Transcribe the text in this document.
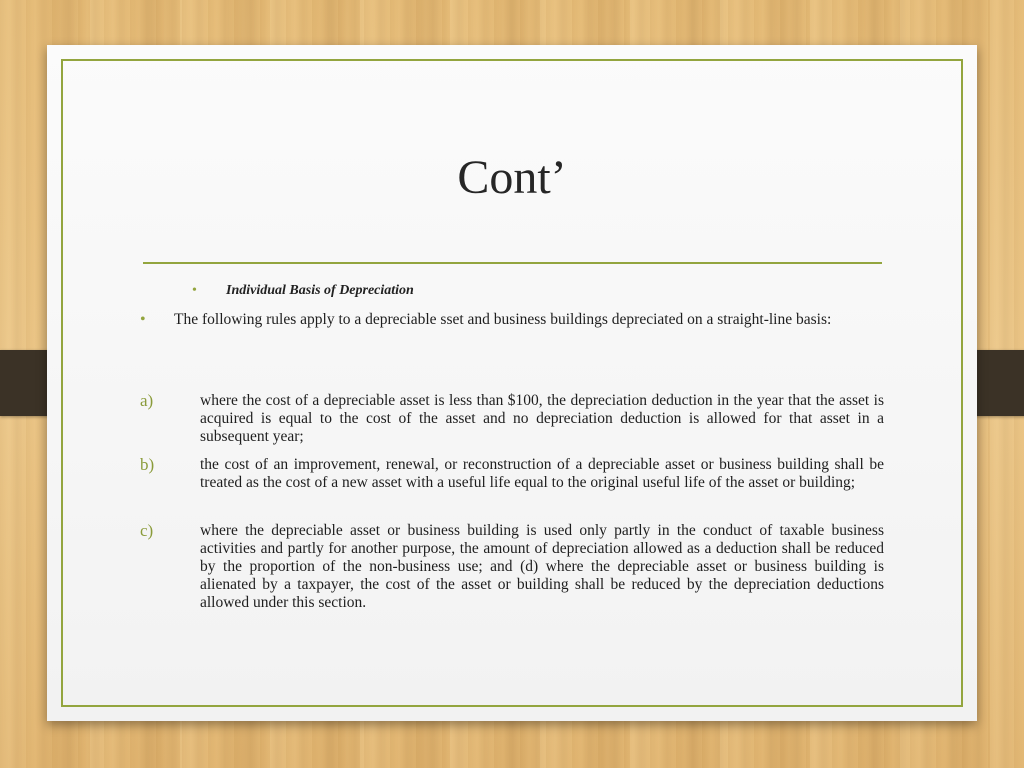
Cont’
•	Individual Basis of Depreciation
•	The following rules apply to a depreciable sset and business buildings depreciated on a straight-line basis:
a)	where the cost of a depreciable asset is less than $100, the depreciation deduction in the year that the asset is acquired is equal to the cost of the asset and no depreciation deduction is allowed for that asset in a subsequent year;
b)	the cost of an improvement, renewal, or reconstruction of a depreciable asset or business building shall be treated as the cost of a new asset with a useful life equal to the original useful life of the asset or building;
c)	where the depreciable asset or business building is used only partly in the conduct of taxable business activities and partly for another purpose, the amount of depreciation allowed as a deduction shall be reduced by the proportion of the non-business use; and (d) where the depreciable asset or business building is alienated by a taxpayer, the cost of the asset or building shall be reduced by the depreciation deductions allowed under this section.
